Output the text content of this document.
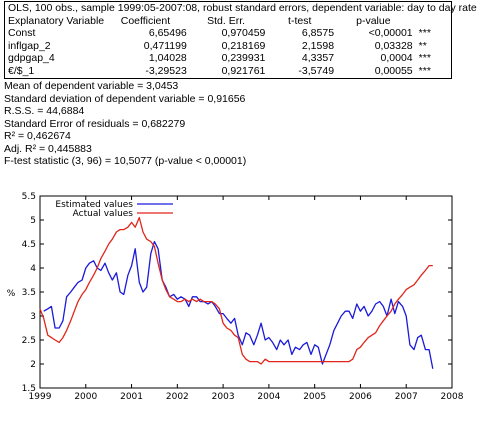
OLS, 100 obs., sample 1999:05-2007:08, robust standard errors, dependent variable: day to day rate
Explanatory Variable	Coefficient	Std. Err.	t-test	p-value	
Const	6,65496	0,970459	6,8575	<0,00001	***
inflgap_2	0,471199	0,218169	2,1598	0,03328	**
gdpgap_4	1,04028	0,239931	4,3357	0,0004	***
€/$_1	-3,29523	0,921761	-3,5749	0,00055	***
Mean of dependent variable = 3,0453
Standard deviation of dependent variable = 0,91656
R.S.S. = 44,6884
Standard Error of residuals = 0,682279
R² = 0,462674
Adj. R² = 0,445883
F-test statistic (3, 96) = 10,5077 (p-value < 0,00001)
1.5
2
2.5
3
3.5
4
4.5
5
5.5
1999	2000	2001	2002	2003	2004	2005	2006	2007	2008
%
Estimated values
Actual values
